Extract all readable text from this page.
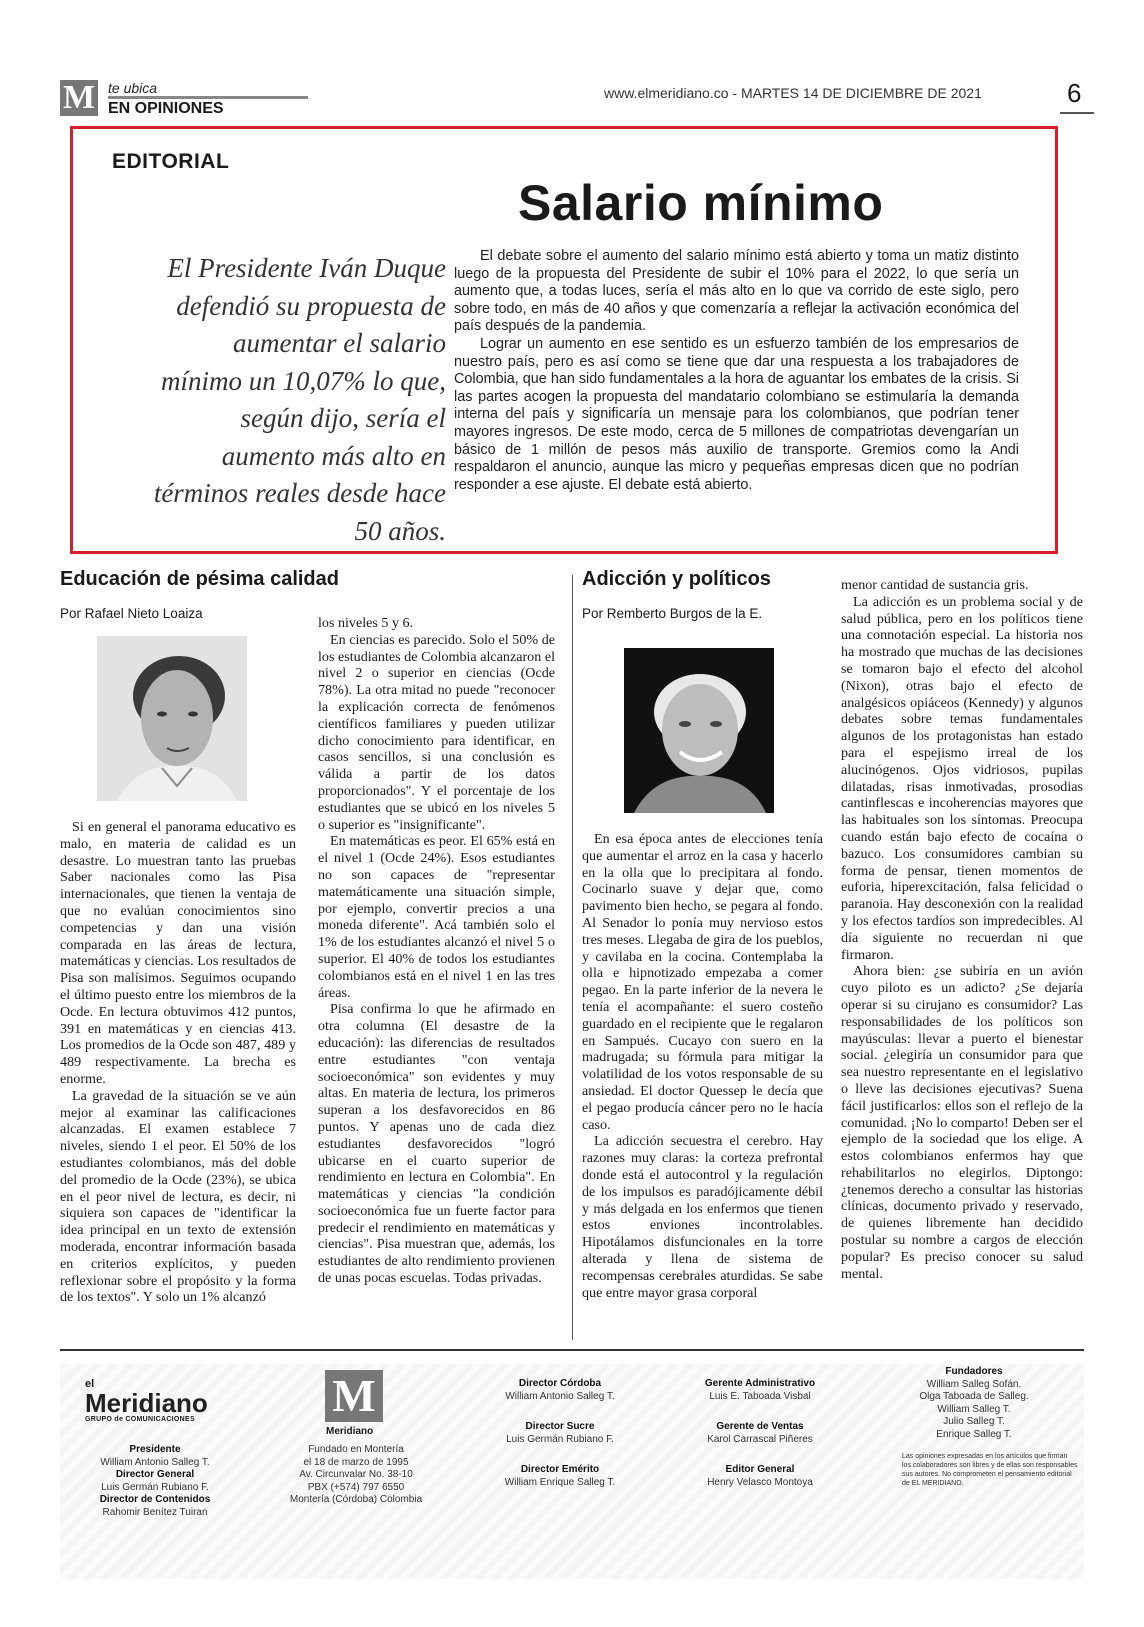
M te ubica
EN OPINIONES
www.elmeridiano.co - MARTES 14 DE DICIEMBRE DE 2021	6
EDITORIAL
Salario mínimo
El Presidente Iván Duque defendió su propuesta de aumentar el salario mínimo un 10,07% lo que, según dijo, sería el aumento más alto en términos reales desde hace 50 años.

El debate sobre el aumento del salario mínimo está abierto y toma un matiz distinto luego de la propuesta del Presidente de subir el 10% para el 2022, lo que sería un aumento que, a todas luces, sería el más alto en lo que va corrido de este siglo, pero sobre todo, en más de 40 años y que comenzaría a reflejar la activación económica del país después de la pandemia.

Lograr un aumento en ese sentido es un esfuerzo también de los empresarios de nuestro país, pero es así como se tiene que dar una respuesta a los trabajadores de Colombia, que han sido fundamentales a la hora de aguantar los embates de la crisis. Si las partes acogen la propuesta del mandatario colombiano se estimularía la demanda interna del país y significaría un mensaje para los colombianos, que podrían tener mayores ingresos. De este modo, cerca de 5 millones de compatriotas devengarían un básico de 1 millón de pesos más auxilio de transporte. Gremios como la Andi respaldaron el anuncio, aunque las micro y pequeñas empresas dicen que no podrían responder a ese ajuste. El debate está abierto.

Educación de pésima calidad
Por Rafael Nieto Loaiza

Si en general el panorama educativo es malo, en materia de calidad es un desastre. Lo muestran tanto las pruebas Saber nacionales como las Pisa internacionales, que tienen la ventaja de que no evalúan conocimientos sino competencias y dan una visión comparada en las áreas de lectura, matemáticas y ciencias. Los resultados de Pisa son malísimos. Seguimos ocupando el último puesto entre los miembros de la Ocde. En lectura obtuvimos 412 puntos, 391 en matemáticas y en ciencias 413. Los promedios de la Ocde son 487, 489 y 489 respectivamente. La brecha es enorme.

La gravedad de la situación se ve aún mejor al examinar las calificaciones alcanzadas. El examen establece 7 niveles, siendo 1 el peor. El 50% de los estudiantes colombianos, más del doble del promedio de la Ocde (23%), se ubica en el peor nivel de lectura, es decir, ni siquiera son capaces de "identificar la idea principal en un texto de extensión moderada, encontrar información basada en criterios explícitos, y pueden reflexionar sobre el propósito y la forma de los textos". Y solo un 1% alcanzó

los niveles 5 y 6.

En ciencias es parecido. Solo el 50% de los estudiantes de Colombia alcanzaron el nivel 2 o superior en ciencias (Ocde 78%). La otra mitad no puede "reconocer la explicación correcta de fenómenos científicos familiares y pueden utilizar dicho conocimiento para identificar, en casos sencillos, si una conclusión es válida a partir de los datos proporcionados". Y el porcentaje de los estudiantes que se ubicó en los niveles 5 o superior es "insignificante".

En matemáticas es peor. El 65% está en el nivel 1 (Ocde 24%). Esos estudiantes no son capaces de "representar matemáticamente una situación simple, por ejemplo, convertir precios a una moneda diferente". Acá también solo el 1% de los estudiantes alcanzó el nivel 5 o superior. El 40% de todos los estudiantes colombianos está en el nivel 1 en las tres áreas.

Pisa confirma lo que he afirmado en otra columna (El desastre de la educación): las diferencias de resultados entre estudiantes "con ventaja socioeconómica" son evidentes y muy altas. En materia de lectura, los primeros superan a los desfavorecidos en 86 puntos. Y apenas uno de cada diez estudiantes desfavorecidos "logró ubicarse en el cuarto superior de rendimiento en lectura en Colombia". En matemáticas y ciencias "la condición socioeconómica fue un fuerte factor para predecir el rendimiento en matemáticas y ciencias". Pisa muestran que, además, los estudiantes de alto rendimiento provienen de unas pocas escuelas. Todas privadas.

Adicción y políticos
Por Remberto Burgos de la E.

En esa época antes de elecciones tenía que aumentar el arroz en la casa y hacerlo en la olla que lo precipitara al fondo. Cocinarlo suave y dejar que, como pavimento bien hecho, se pegara al fondo. Al Senador lo ponía muy nervioso estos tres meses. Llegaba de gira de los pueblos, y cavilaba en la cocina. Contemplaba la olla e hipnotizado empezaba a comer pegao. En la parte inferior de la nevera le tenía el acompañante: el suero costeño guardado en el recipiente que le regalaron en Sampués. Cucayo con suero en la madrugada; su fórmula para mitigar la volatilidad de los votos responsable de su ansiedad. El doctor Quessep le decía que el pegao producía cáncer pero no le hacía caso.

La adicción secuestra el cerebro. Hay razones muy claras: la corteza prefrontal donde está el autocontrol y la regulación de los impulsos es paradójicamente débil y más delgada en los enfermos que tienen estos enviones incontrolables. Hipotálamos disfuncionales en la torre alterada y llena de sistema de recompensas cerebrales aturdidas. Se sabe que entre mayor grasa corporal

menor cantidad de sustancia gris.

La adicción es un problema social y de salud pública, pero en los políticos tiene una connotación especial. La historia nos ha mostrado que muchas de las decisiones se tomaron bajo el efecto del alcohol (Nixon), otras bajo el efecto de analgésicos opiáceos (Kennedy) y algunos debates sobre temas fundamentales algunos de los protagonistas han estado para el espejismo irreal de los alucinógenos. Ojos vidriosos, pupilas dilatadas, risas inmotivadas, prosodias cantinflescas e incoherencias mayores que las habituales son los síntomas. Preocupa cuando están bajo efecto de cocaína o bazuco. Los consumidores cambian su forma de pensar, tienen momentos de euforia, hiperexcitación, falsa felicidad o paranoia. Hay desconexión con la realidad y los efectos tardíos son impredecibles. Al día siguiente no recuerdan ni que firmaron.

Ahora bien: ¿se subiría en un avión cuyo piloto es un adicto? ¿Se dejaría operar si su cirujano es consumidor? Las responsabilidades de los políticos son mayúsculas: llevar a puerto el bienestar social. ¿elegiría un consumidor para que sea nuestro representante en el legislativo o lleve las decisiones ejecutivas? Suena fácil justificarlos: ellos son el reflejo de la comunidad. ¡No lo comparto! Deben ser el ejemplo de la sociedad que los elige. A estos colombianos enfermos hay que rehabilitarlos no elegirlos. Diptongo: ¿tenemos derecho a consultar las historias clínicas, documento privado y reservado, de quienes libremente han decidido postular su nombre a cargos de elección popular? Es preciso conocer su salud mental.

el
Meridiano
GRUPO de COMUNICACIONES
Presidente
William Antonio Salleg T.
Director General
Luis Germán Rubiano F.
Director de Contenidos
Rahomir Benítez Tuiran
M
Meridiano
Fundado en Montería
el 18 de marzo de 1995
Av. Circunvalar No. 38-10
PBX (+574) 797 6550
Montería (Córdoba) Colombia
Director Córdoba
William Antonio Salleg T.
Director Sucre
Luis Germán Rubiano F.
Director Emérito
William Enrique Salleg T.
Gerente Administrativo
Luis E. Taboada Visbal
Gerente de Ventas
Karol Carrascal Piñeres
Editor General
Henry Velasco Montoya
Fundadores
William Salleg Sofán.
Olga Taboada de Salleg.
William Salleg T.
Julio Salleg T.
Enrique Salleg T.
Las opiniones expresadas en los artículos que firman los colaboradores son libres y de ellas son responsables sus autores. No comprometen el pensamiento editorial de EL MERIDIANO.
